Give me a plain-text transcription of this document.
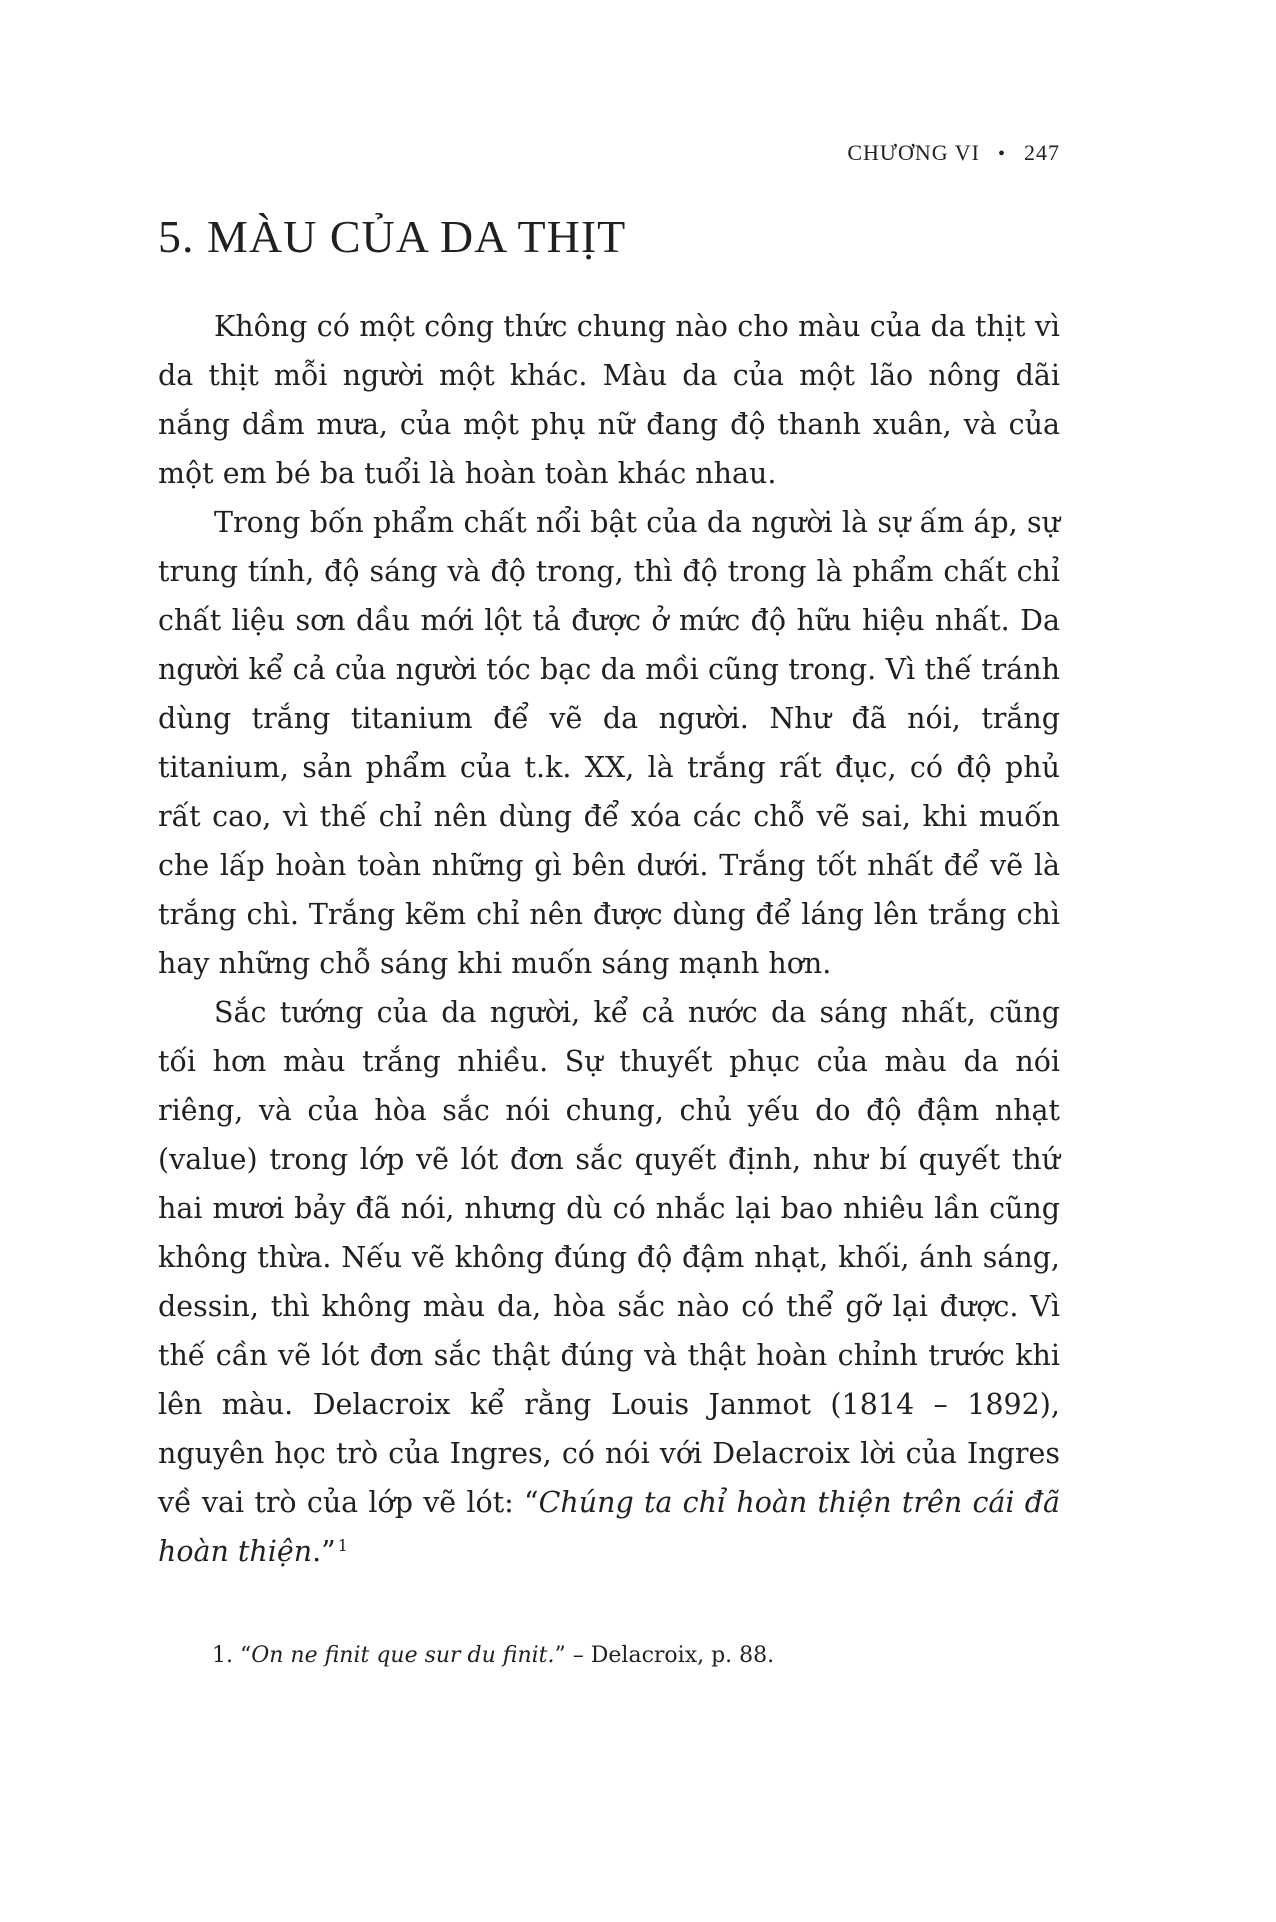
CHƯƠNG VI • 247
5. MÀU CỦA DA THỊT

Không có một công thức chung nào cho màu của da thịt vì da thịt mỗi người một khác. Màu da của một lão nông dãi nắng dầm mưa, của một phụ nữ đang độ thanh xuân, và của một em bé ba tuổi là hoàn toàn khác nhau.

Trong bốn phẩm chất nổi bật của da người là sự ấm áp, sự trung tính, độ sáng và độ trong, thì độ trong là phẩm chất chỉ chất liệu sơn dầu mới lột tả được ở mức độ hữu hiệu nhất. Da người kể cả của người tóc bạc da mồi cũng trong. Vì thế tránh dùng trắng titanium để vẽ da người. Như đã nói, trắng titanium, sản phẩm của t.k. XX, là trắng rất đục, có độ phủ rất cao, vì thế chỉ nên dùng để xóa các chỗ vẽ sai, khi muốn che lấp hoàn toàn những gì bên dưới. Trắng tốt nhất để vẽ là trắng chì. Trắng kẽm chỉ nên được dùng để láng lên trắng chì hay những chỗ sáng khi muốn sáng mạnh hơn.

Sắc tướng của da người, kể cả nước da sáng nhất, cũng tối hơn màu trắng nhiều. Sự thuyết phục của màu da nói riêng, và của hòa sắc nói chung, chủ yếu do độ đậm nhạt (value) trong lớp vẽ lót đơn sắc quyết định, như bí quyết thứ hai mươi bảy đã nói, nhưng dù có nhắc lại bao nhiêu lần cũng không thừa. Nếu vẽ không đúng độ đậm nhạt, khối, ánh sáng, dessin, thì không màu da, hòa sắc nào có thể gỡ lại được. Vì thế cần vẽ lót đơn sắc thật đúng và thật hoàn chỉnh trước khi lên màu. Delacroix kể rằng Louis Janmot (1814 – 1892), nguyên học trò của Ingres, có nói với Delacroix lời của Ingres về vai trò của lớp vẽ lót: “Chúng ta chỉ hoàn thiện trên cái đã hoàn thiện.” $^1$

1. “On ne finit que sur du finit.” – Delacroix, p. 88.
